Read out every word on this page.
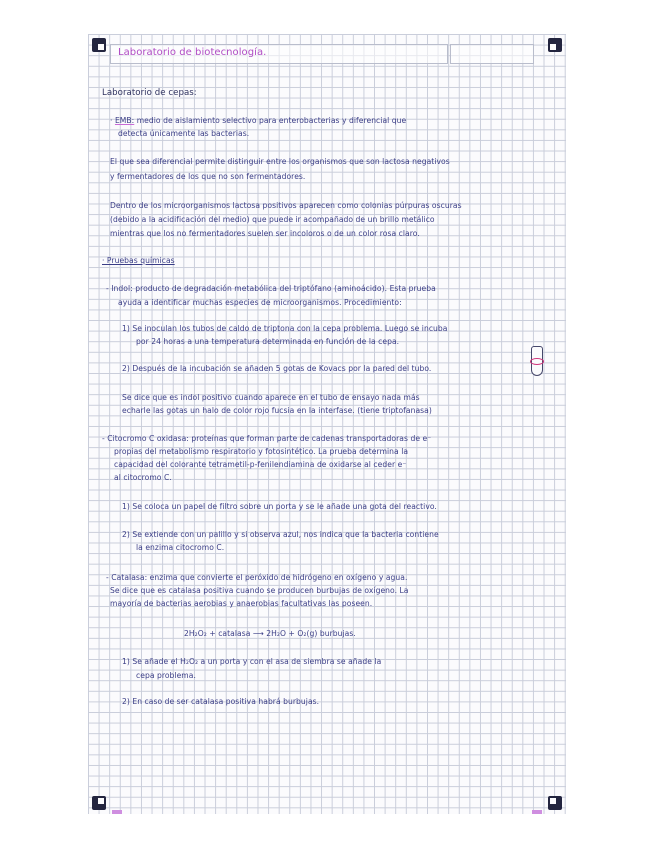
Laboratorio de biotecnología.
Laboratorio de cepas:
· EMB: medio de aislamiento selectivo para enterobacterias y diferencial que
detecta únicamente las bacterias.
El que sea diferencial permite distinguir entre los organismos que son lactosa negativos
y fermentadores de los que no son fermentadores.
Dentro de los microorganismos lactosa positivos aparecen como colonias púrpuras oscuras
(debido a la acidificación del medio) que puede ir acompañado de un brillo metálico
mientras que los no fermentadores suelen ser incoloros o de un color rosa claro.
· Pruebas químicas
- Indol: producto de degradación metabólica del triptófano (aminoácido). Esta prueba
ayuda a identificar muchas especies de microorganismos. Procedimiento:
1) Se inoculan los tubos de caldo de triptona con la cepa problema. Luego se incuba
por 24 horas a una temperatura determinada en función de la cepa.
2) Después de la incubación se añaden 5 gotas de Kovacs por la pared del tubo.
Se dice que es indol positivo cuando aparece en el tubo de ensayo nada más
echarle las gotas un halo de color rojo fucsia en la interfase. (tiene triptofanasa)
- Citocromo C oxidasa: proteínas que forman parte de cadenas transportadoras de e⁻
propias del metabolismo respiratorio y fotosintético. La prueba determina la
capacidad del colorante tetrametil-p-fenilendiamina de oxidarse al ceder e⁻
al citocromo C.
1) Se coloca un papel de filtro sobre un porta y se le añade una gota del reactivo.
2) Se extiende con un palillo y si observa azul, nos indica que la bacteria contiene
la enzima citocromo C.
- Catalasa: enzima que convierte el peróxido de hidrógeno en oxígeno y agua.
Se dice que es catalasa positiva cuando se producen burbujas de oxígeno. La
mayoría de bacterias aerobias y anaerobias facultativas las poseen.
2H₂O₂ + catalasa ⟶ 2H₂O + O₂(g) burbujas.
1) Se añade el H₂O₂ a un porta y con el asa de siembra se añade la
cepa problema.
2) En caso de ser catalasa positiva habrá burbujas.
